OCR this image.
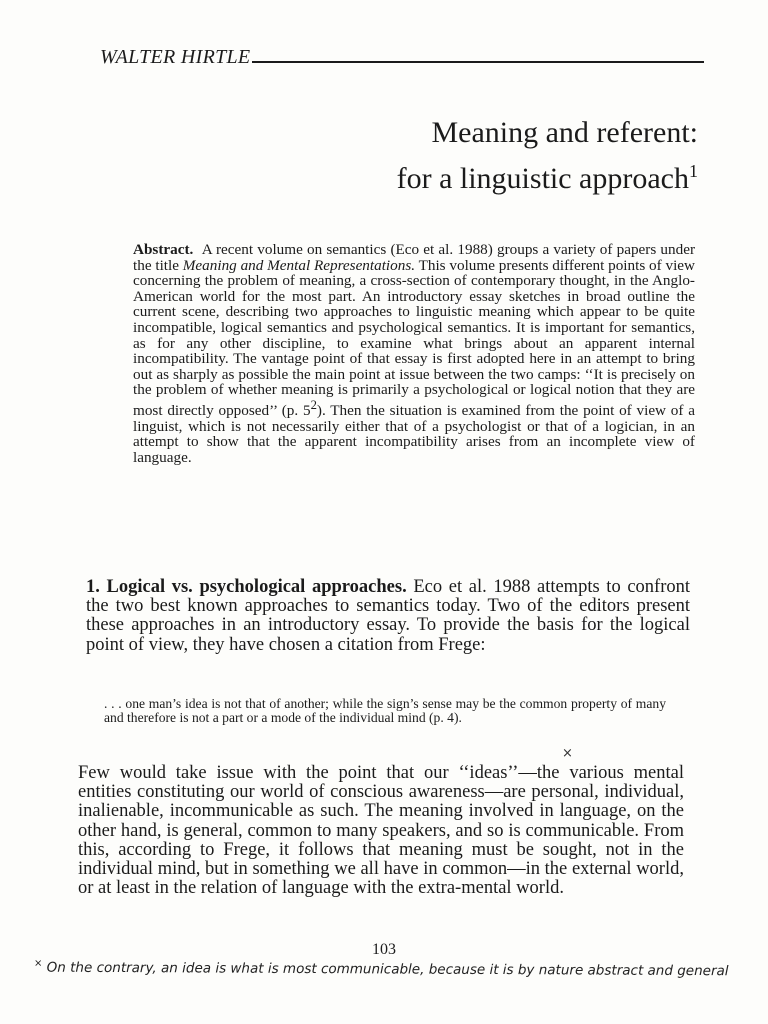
WALTER HIRTLE
Meaning and referent:
for a linguistic approach$^1$

Abstract. A recent volume on semantics (Eco et al. 1988) groups a variety of papers under the title Meaning and Mental Representations. This volume presents different points of view concerning the problem of meaning, a cross-section of contemporary thought, in the Anglo-American world for the most part. An introductory essay sketches in broad outline the current scene, describing two approaches to linguistic meaning which appear to be quite incompatible, logical semantics and psychological semantics. It is important for semantics, as for any other discipline, to examine what brings about an apparent internal incompatibility. The vantage point of that essay is first adopted here in an attempt to bring out as sharply as possible the main point at issue between the two camps: ‘‘It is precisely on the problem of whether meaning is primarily a psychological or logical notion that they are most directly opposed’’ (p. $5^2$). Then the situation is examined from the point of view of a linguist, which is not necessarily either that of a psychologist or that of a logician, in an attempt to show that the apparent incompatibility arises from an incomplete view of language.

1. Logical vs. psychological approaches. Eco et al. 1988 attempts to confront the two best known approaches to semantics today. Two of the editors present these approaches in an introductory essay. To provide the basis for the logical point of view, they have chosen a citation from Frege:

. . . one man’s idea is not that of another; while the sign’s sense may be the common property of many and therefore is not a part or a mode of the individual mind (p. 4).

×

Few would take issue with the point that our ‘‘ideas’’—the various mental entities constituting our world of conscious awareness—are personal, individual, inalienable, incommunicable as such. The meaning involved in language, on the other hand, is general, common to many speakers, and so is communicable. From this, according to Frege, it follows that meaning must be sought, not in the individual mind, but in something we all have in common—in the external world, or at least in the relation of language with the extra-mental world.

103

× On the contrary, an idea is what is most communicable, because it is by nature abstract and general
